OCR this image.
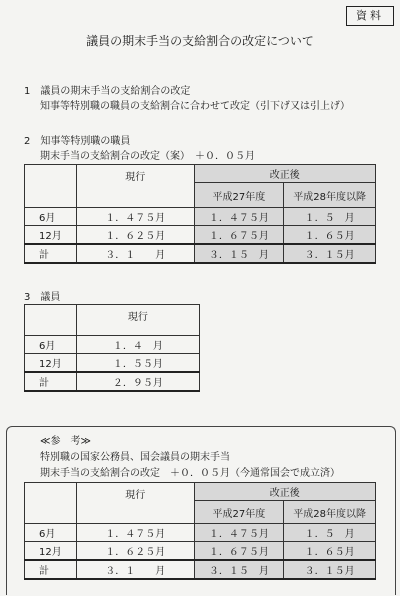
資料
議員の期末手当の支給割合の改定について
1　議員の期末手当の支給割合の改定
知事等特別職の職員の支給割合に合わせて改定（引下げ又は引上げ）
2　知事等特別職の職員
期末手当の支給割合の改定（案）　＋０．０５月
	現行	改正後	
		平成27年度	平成28年度以降
6月	１．４７５月	１．４７５月	１．５　月
12月	１．６２５月	１．６７５月	１．６５月
計	３．１　　月	３．１５　月	３．１５月
3　議員
	現行
6月	１．４　月
12月	１．５５月
計	２．９５月
≪参　考≫
特別職の国家公務員、国会議員の期末手当
期末手当の支給割合の改定　＋０．０５月（今通常国会で成立済）
	現行	改正後	
		平成27年度	平成28年度以降
6月	１．４７５月	１．４７５月	１．５　月
12月	１．６２５月	１．６７５月	１．６５月
計	３．１　　月	３．１５　月	３．１５月
